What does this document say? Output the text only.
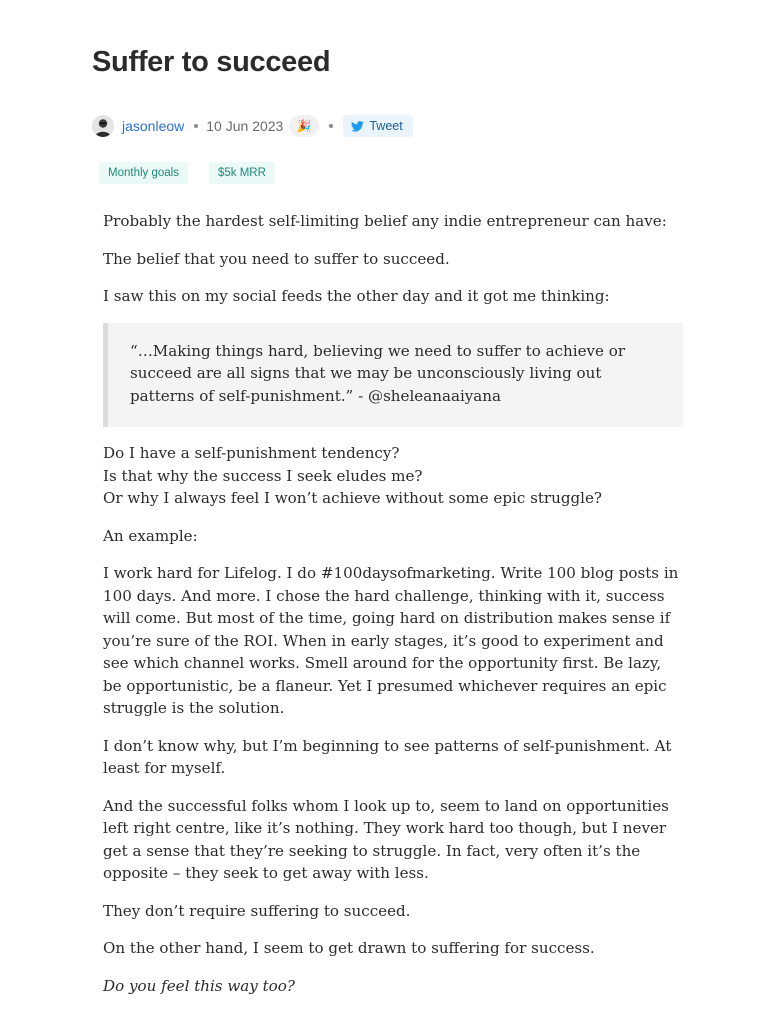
Suffer to succeed
jasonleow 10 Jun 2023 🎉	Tweet
Monthly goals	$5k MRR

Probably the hardest self-limiting belief any indie entrepreneur can have:

The belief that you need to suffer to succeed.

I saw this on my social feeds the other day and it got me thinking:

“…Making things hard, believing we need to suffer to achieve or succeed are all signs that we may be unconsciously living out patterns of self-punishment.” - @sheleanaaiyana

Do I have a self-punishment tendency?
Is that why the success I seek eludes me?
Or why I always feel I won’t achieve without some epic struggle?

An example:

I work hard for Lifelog. I do #100daysofmarketing. Write 100 blog posts in 100 days. And more. I chose the hard challenge, thinking with it, success will come. But most of the time, going hard on distribution makes sense if you’re sure of the ROI. When in early stages, it’s good to experiment and see which channel works. Smell around for the opportunity first. Be lazy, be opportunistic, be a flaneur. Yet I presumed whichever requires an epic struggle is the solution.

I don’t know why, but I’m beginning to see patterns of self-punishment. At least for myself.

And the successful folks whom I look up to, seem to land on opportunities left right centre, like it’s nothing. They work hard too though, but I never get a sense that they’re seeking to struggle. In fact, very often it’s the opposite – they seek to get away with less.

They don’t require suffering to succeed.

On the other hand, I seem to get drawn to suffering for success.

Do you feel this way too?
